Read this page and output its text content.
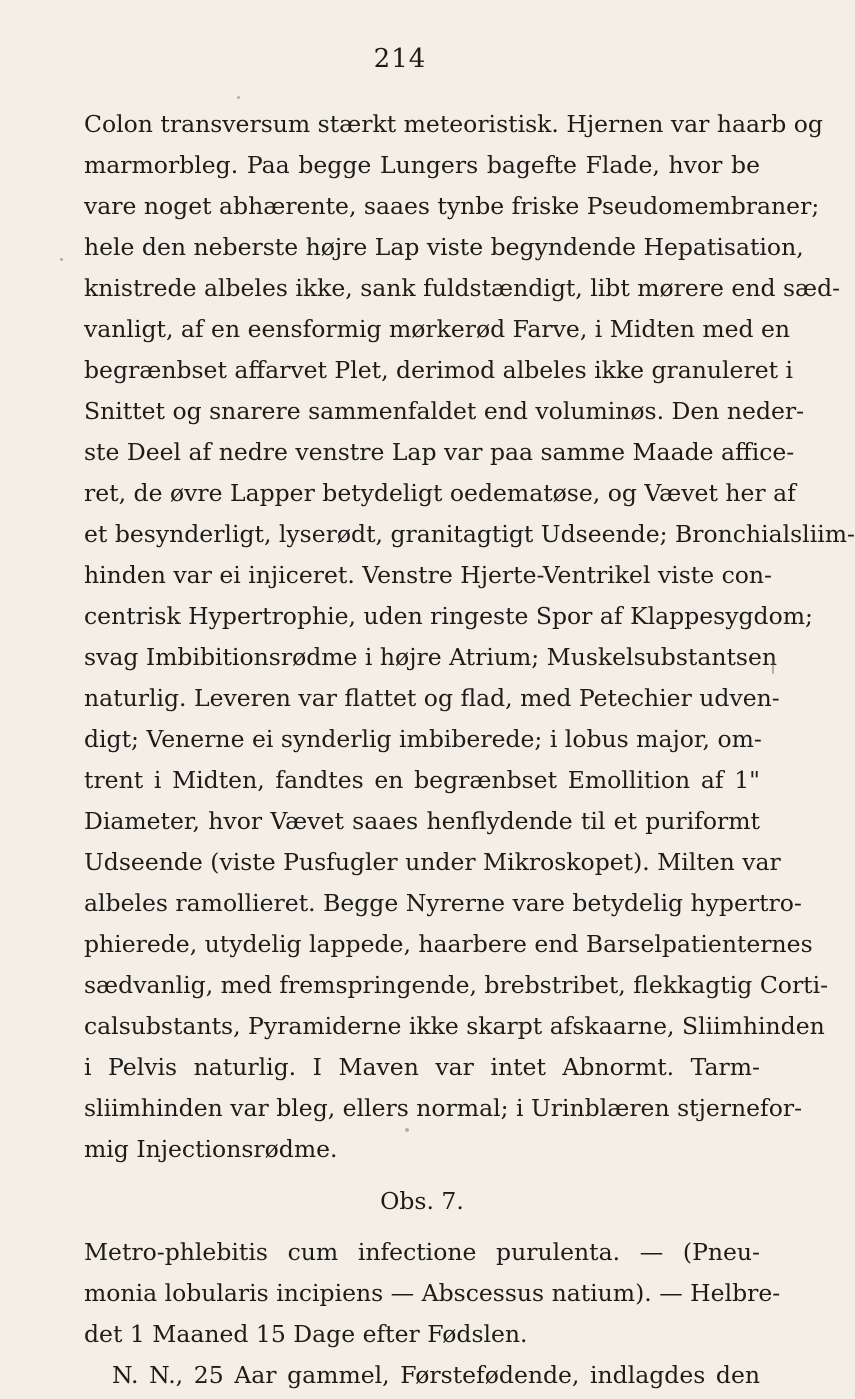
214
Colon transversum stærkt meteoristisk. Hjernen var haarb og
marmorbleg. Paa begge Lungers bagefte Flade, hvor be
vare noget abhærente, saaes tynbe friske Pseudomembraner;
hele den neberste højre Lap viste begyndende Hepatisation,
knistrede albeles ikke, sank fuldstændigt, libt mørere end sæd-
vanligt, af en eensformig mørkerød Farve, i Midten med en
begrænbset affarvet Plet, derimod albeles ikke granuleret i
Snittet og snarere sammenfaldet end voluminøs. Den neder-
ste Deel af nedre venstre Lap var paa samme Maade afficе-
ret, de øvre Lapper betydeligt oedematøse, og Vævet her af
et besynderligt, lyserødt, granitagtigt Udseende; Bronchialsliim-
hinden var ei injiceret. Venstre Hjerte-Ventrikel viste con-
centrisk Hypertrophie, uden ringeste Spor af Klappesygdom;
svag Imbibitionsrødme i højre Atrium; Muskelsubstantsen
naturlig. Leveren var flattet og flad, med Petechier udven-
digt; Venerne ei synderlig imbiberede; i lobus major, om-
trent i Midten, fandtes en begrænbset Emollition af 1"
Diameter, hvor Vævet saaes henflydende til et puriformt
Udseende (viste Pusfugler under Mikroskopet). Milten var
albeles ramollieret. Begge Nyrerne vare betydelig hypertro-
phierede, utydelig lappede, haarbere end Barselpatienternes
sædvanlig, med fremspringende, brebstribet, flekkagtig Corti-
calsubstants, Pyramiderne ikke skarpt afskaarne, Sliimhinden
i Pelvis naturlig. I Maven var intet Abnormt. Tarm-
sliimhinden var bleg, ellers normal; i Urinblæren stjernefor-
mig Injectionsrødme.
Obs. 7.
Metro-phlebitis cum infectione purulenta. — (Pneu-
monia lobularis incipiens — Abscessus natium). — Helbre-
det 1 Maaned 15 Dage efter Fødslen.
N. N., 25 Aar gammel, Førstefødende, indlagdes den
